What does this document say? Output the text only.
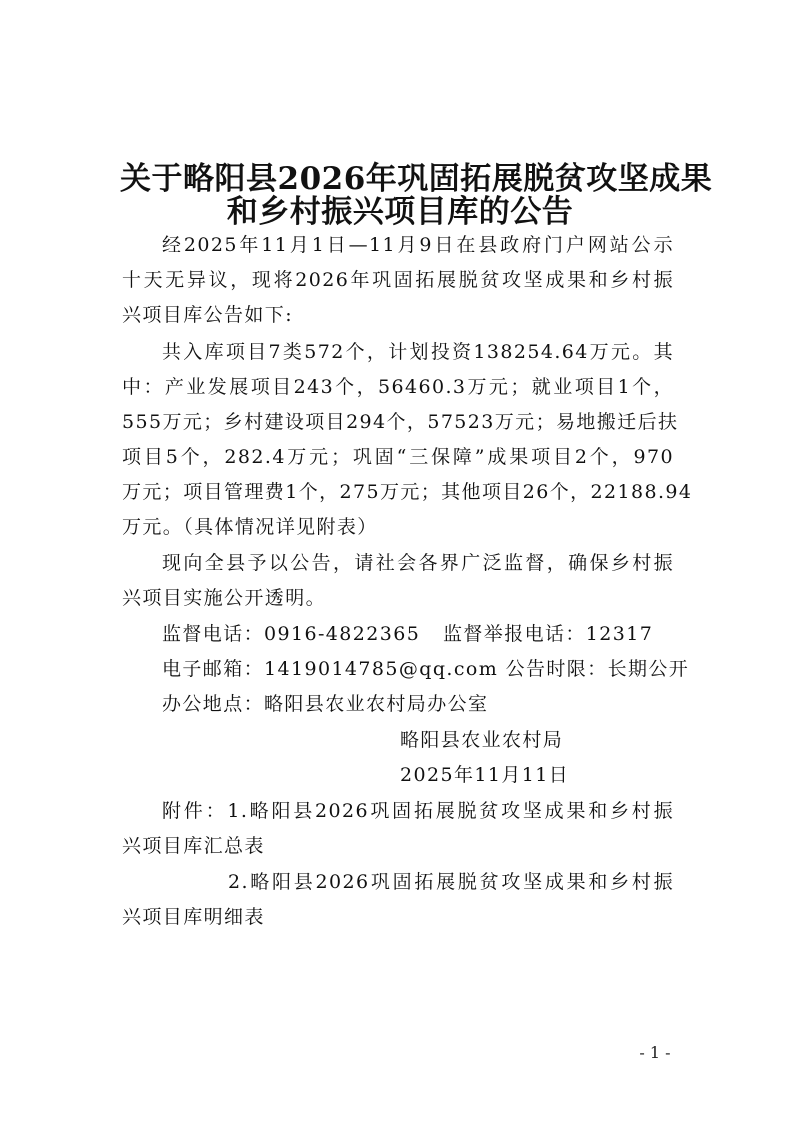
关于略阳县2026年巩固拓展脱贫攻坚成果
和乡村振兴项目库的公告
经2025年11月1日—11月9日在县政府门户网站公示
十天无异议，现将2026年巩固拓展脱贫攻坚成果和乡村振
兴项目库公告如下:
共入库项目7类572个，计划投资138254.64万元。其
中：产业发展项目243个，56460.3万元；就业项目1个，
555万元；乡村建设项目294个，57523万元；易地搬迁后扶
项目5个，282.4万元；巩固“三保障”成果项目2个，970
万元；项目管理费1个，275万元；其他项目26个，22188.94
万元。（具体情况详见附表）
现向全县予以公告，请社会各界广泛监督，确保乡村振
兴项目实施公开透明。
监督电话：0916-4822365 监督举报电话：12317
电子邮箱：1419014785@qq.com 公告时限：长期公开
办公地点：略阳县农业农村局办公室
略阳县农业农村局
2025年11月11日
附件：1.略阳县2026巩固拓展脱贫攻坚成果和乡村振
兴项目库汇总表
2.略阳县2026巩固拓展脱贫攻坚成果和乡村振
兴项目库明细表
- 1 -
